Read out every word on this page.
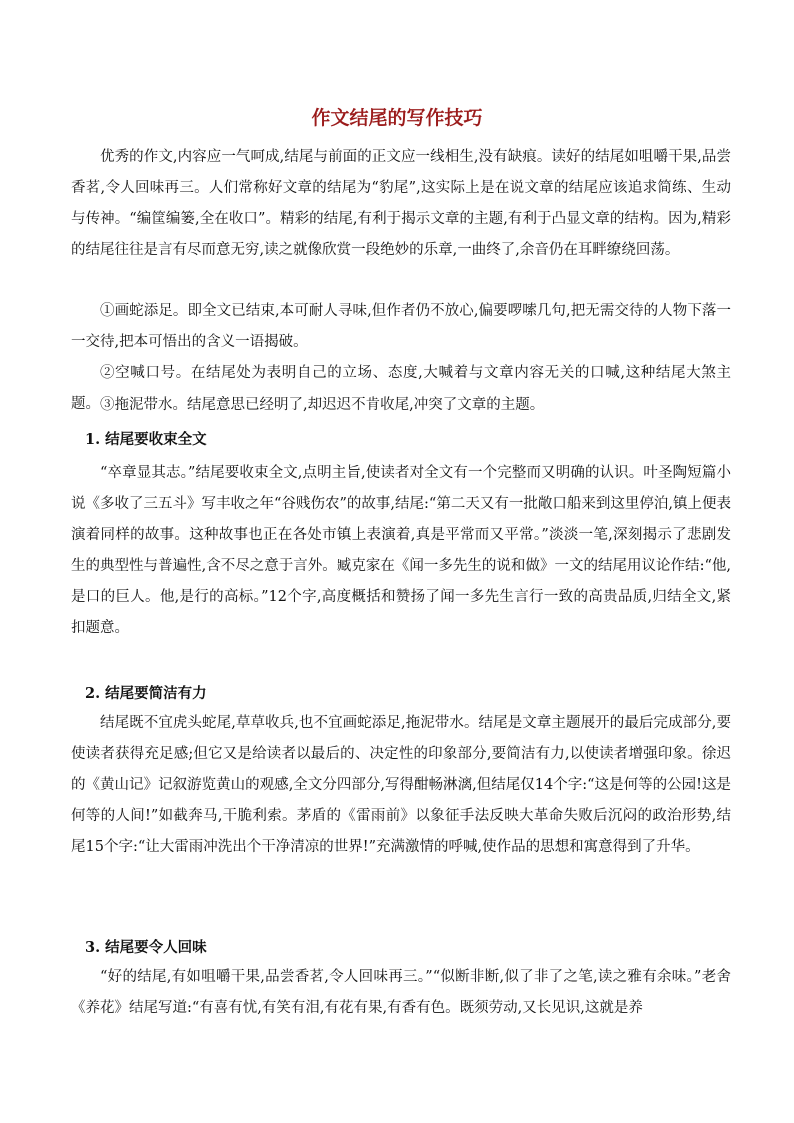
作文结尾的写作技巧

优秀的作文,内容应一气呵成,结尾与前面的正文应一线相生,没有缺痕。读好的结尾如咀嚼干果,品尝香茗,令人回味再三。人们常称好文章的结尾为“豹尾”,这实际上是在说文章的结尾应该追求简练、生动与传神。“编筐编篓,全在收口”。精彩的结尾,有利于揭示文章的主题,有利于凸显文章的结构。因为,精彩的结尾往往是言有尽而意无穷,读之就像欣赏一段绝妙的乐章,一曲终了,余音仍在耳畔缭绕回荡。

①画蛇添足。即全文已结束,本可耐人寻味,但作者仍不放心,偏要啰嗦几句,把无需交待的人物下落一一交待,把本可悟出的含义一语揭破。

②空喊口号。在结尾处为表明自己的立场、态度,大喊着与文章内容无关的口喊,这种结尾大煞主题。 ③拖泥带水。结尾意思已经明了,却迟迟不肯收尾,冲突了文章的主题。

1. 结尾要收束全文

“卒章显其志。”结尾要收束全文,点明主旨,使读者对全文有一个完整而又明确的认识。叶圣陶短篇小说《多收了三五斗》写丰收之年“谷贱伤农”的故事,结尾:“第二天又有一批敞口船来到这里停泊,镇上便表演着同样的故事。这种故事也正在各处市镇上表演着,真是平常而又平常。”淡淡一笔,深刻揭示了悲剧发生的典型性与普遍性,含不尽之意于言外。臧克家在《闻一多先生的说和做》一文的结尾用议论作结:“他,是口的巨人。他,是行的高标。”12个字,高度概括和赞扬了闻一多先生言行一致的高贵品质,归结全文,紧扣题意。

2. 结尾要简洁有力

结尾既不宜虎头蛇尾,草草收兵,也不宜画蛇添足,拖泥带水。结尾是文章主题展开的最后完成部分,要使读者获得充足感;但它又是给读者以最后的、决定性的印象部分,要简洁有力,以使读者增强印象。徐迟的《黄山记》记叙游览黄山的观感,全文分四部分,写得酣畅淋漓,但结尾仅14个字:“这是何等的公园!这是何等的人间!”如截奔马,干脆利索。茅盾的《雷雨前》以象征手法反映大革命失败后沉闷的政治形势,结尾15个字:“让大雷雨冲洗出个干净清凉的世界!”充满激情的呼喊,使作品的思想和寓意得到了升华。

3. 结尾要令人回味

“好的结尾,有如咀嚼干果,品尝香茗,令人回味再三。”“似断非断,似了非了之笔,读之雅有余味。”老舍《养花》结尾写道:“有喜有忧,有笑有泪,有花有果,有香有色。既须劳动,又长见识,这就是养
